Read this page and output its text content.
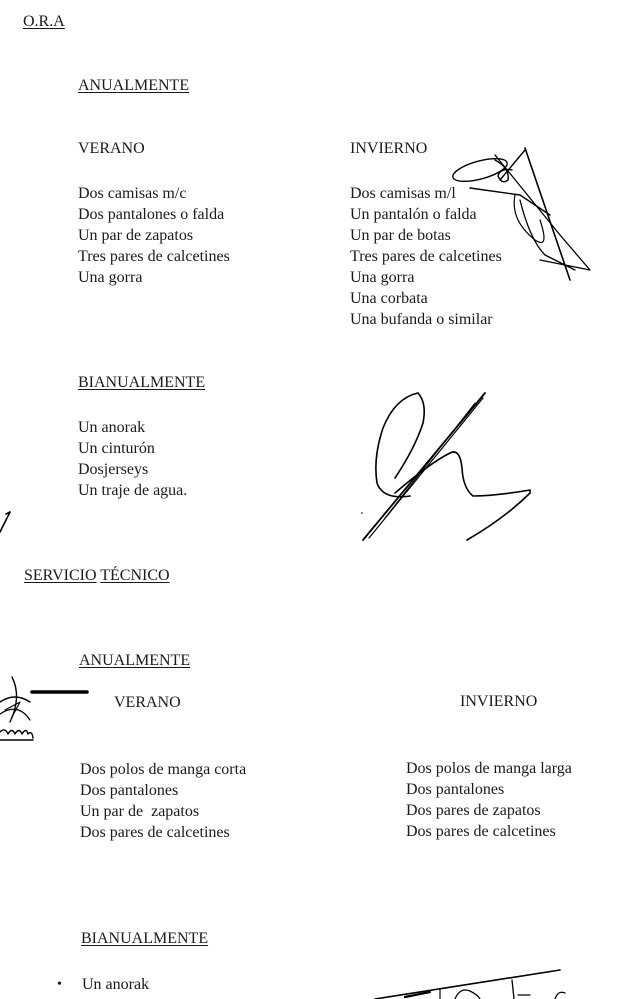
O.R.A
ANUALMENTE
VERANO
Dos camisas m/c
Dos pantalones o falda
Un par de zapatos
Tres pares de calcetines
Una gorra
INVIERNO
Dos camisas m/l
Un pantalón o falda
Un par de botas
Tres pares de calcetines
Una gorra
Una corbata
Una bufanda o similar
BIANUALMENTE
Un anorak
Un cinturón
Dosjerseys
Un traje de agua.
SERVICIO TÉCNICO
ANUALMENTE
VERANO
Dos polos de manga corta
Dos pantalones
Un par de  zapatos
Dos pares de calcetines
INVIERNO
Dos polos de manga larga
Dos pantalones
Dos pares de zapatos
Dos pares de calcetines
BIANUALMENTE
• Un anorak
